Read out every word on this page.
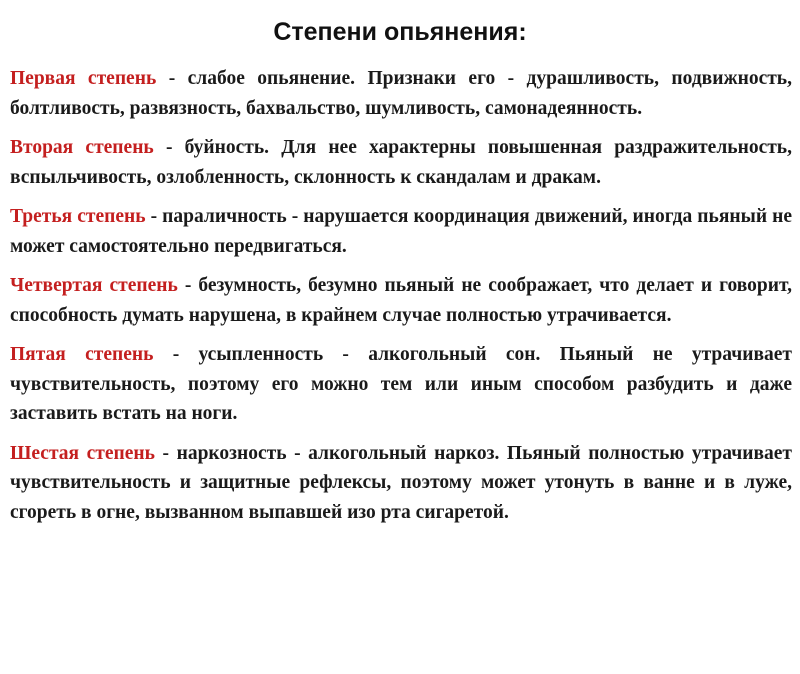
Степени опьянения:

Первая степень - слабое опьянение. Признаки его - дурашливость, подвижность, болтливость, развязность, бахвальство, шумливость, самонадеянность.

Вторая степень - буйность. Для нее характерны повышенная раздражительность, вспыльчивость, озлобленность, склонность к скандалам и дракам.

Третья степень - параличность - нарушается координация движений, иногда пьяный не может самостоятельно передвигаться.

Четвертая степень - безумность, безумно пьяный не соображает, что делает и говорит, способность думать нарушена, в крайнем случае полностью утрачивается.

Пятая степень - усыпленность - алкогольный сон. Пьяный не утрачивает чувствительность, поэтому его можно тем или иным способом разбудить и даже заставить встать на ноги.

Шестая степень - наркозность - алкогольный наркоз. Пьяный полностью утрачивает чувствительность и защитные рефлексы, поэтому может утонуть в ванне и в луже, сгореть в огне, вызванном выпавшей изо рта сигаретой.
